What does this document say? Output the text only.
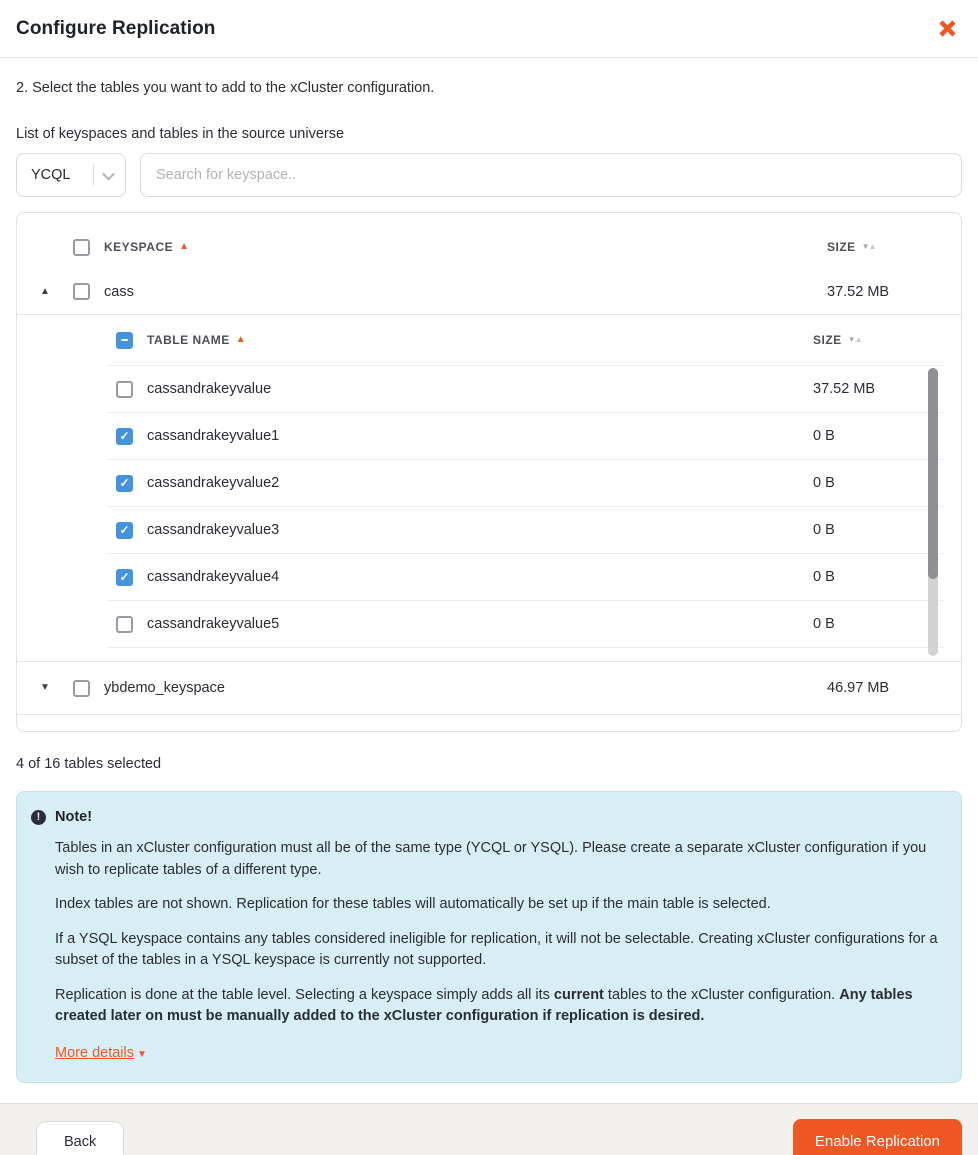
Configure Replication
2. Select the tables you want to add to the xCluster configuration.
List of keyspaces and tables in the source universe
YCQL
Search for keyspace..
KEYSPACE ▲	SIZE ▼▲
▲	cass	37.52 MB
TABLE NAME ▲	SIZE ▼▲
cassandrakeyvalue	37.52 MB
✓ cassandrakeyvalue1	0 B
✓ cassandrakeyvalue2	0 B
✓ cassandrakeyvalue3	0 B
✓ cassandrakeyvalue4	0 B
cassandrakeyvalue5	0 B
▼	ybdemo_keyspace	46.97 MB
4 of 16 tables selected
!	Note!

Tables in an xCluster configuration must all be of the same type (YCQL or YSQL). Please create a separate xCluster configuration if you wish to replicate tables of a different type.

Index tables are not shown. Replication for these tables will automatically be set up if the main table is selected.

If a YSQL keyspace contains any tables considered ineligible for replication, it will not be selectable. Creating xCluster configurations for a subset of the tables in a YSQL keyspace is currently not supported.

Replication is done at the table level. Selecting a keyspace simply adds all its current tables to the xCluster configuration. Any tables created later on must be manually added to the xCluster configuration if replication is desired.

More details ▼
Back	Enable Replication
